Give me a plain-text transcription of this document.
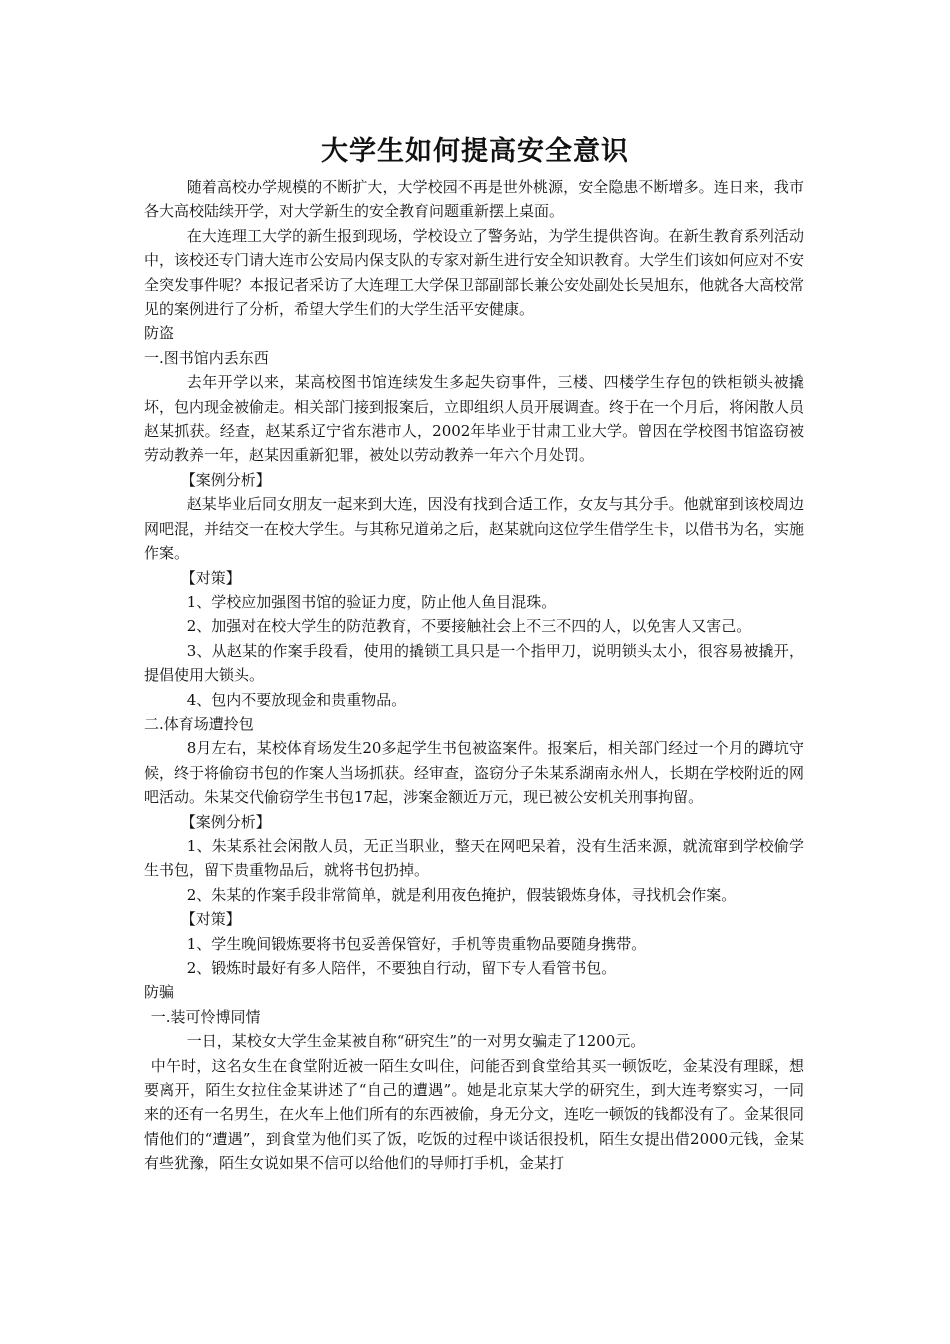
大学生如何提高安全意识

随着高校办学规模的不断扩大，大学校园不再是世外桃源，安全隐患不断增多。连日来，我市各大高校陆续开学，对大学新生的安全教育问题重新摆上桌面。

在大连理工大学的新生报到现场，学校设立了警务站，为学生提供咨询。在新生教育系列活动中，该校还专门请大连市公安局内保支队的专家对新生进行安全知识教育。大学生们该如何应对不安全突发事件呢？本报记者采访了大连理工大学保卫部副部长兼公安处副处长吴旭东，他就各大高校常见的案例进行了分析，希望大学生们的大学生活平安健康。

防盗

一.图书馆内丢东西

去年开学以来，某高校图书馆连续发生多起失窃事件，三楼、四楼学生存包的铁柜锁头被撬坏，包内现金被偷走。相关部门接到报案后，立即组织人员开展调查。终于在一个月后，将闲散人员赵某抓获。经查，赵某系辽宁省东港市人，2002年毕业于甘肃工业大学。曾因在学校图书馆盗窃被劳动教养一年，赵某因重新犯罪，被处以劳动教养一年六个月处罚。

【案例分析】

赵某毕业后同女朋友一起来到大连，因没有找到合适工作，女友与其分手。他就窜到该校周边网吧混，并结交一在校大学生。与其称兄道弟之后，赵某就向这位学生借学生卡，以借书为名，实施作案。

【对策】

1、学校应加强图书馆的验证力度，防止他人鱼目混珠。

2、加强对在校大学生的防范教育，不要接触社会上不三不四的人，以免害人又害己。

3、从赵某的作案手段看，使用的撬锁工具只是一个指甲刀，说明锁头太小，很容易被撬开，提倡使用大锁头。

4、包内不要放现金和贵重物品。

二.体育场遭拎包

8月左右，某校体育场发生20多起学生书包被盗案件。报案后，相关部门经过一个月的蹲坑守候，终于将偷窃书包的作案人当场抓获。经审查，盗窃分子朱某系湖南永州人，长期在学校附近的网吧活动。朱某交代偷窃学生书包17起，涉案金额近万元，现已被公安机关刑事拘留。

【案例分析】

1、朱某系社会闲散人员，无正当职业，整天在网吧呆着，没有生活来源，就流窜到学校偷学生书包，留下贵重物品后，就将书包扔掉。

2、朱某的作案手段非常简单，就是利用夜色掩护，假装锻炼身体，寻找机会作案。

【对策】

1、学生晚间锻炼要将书包妥善保管好，手机等贵重物品要随身携带。

2、锻炼时最好有多人陪伴，不要独自行动，留下专人看管书包。

防骗

一.装可怜博同情

一日，某校女大学生金某被自称“研究生”的一对男女骗走了1200元。

中午时，这名女生在食堂附近被一陌生女叫住，问能否到食堂给其买一顿饭吃，金某没有理睬，想要离开，陌生女拉住金某讲述了“自己的遭遇”。她是北京某大学的研究生，到大连考察实习，一同来的还有一名男生，在火车上他们所有的东西被偷，身无分文，连吃一顿饭的钱都没有了。金某很同情他们的“遭遇”，到食堂为他们买了饭，吃饭的过程中谈话很投机，陌生女提出借2000元钱，金某有些犹豫，陌生女说如果不信可以给他们的导师打手机，金某打
